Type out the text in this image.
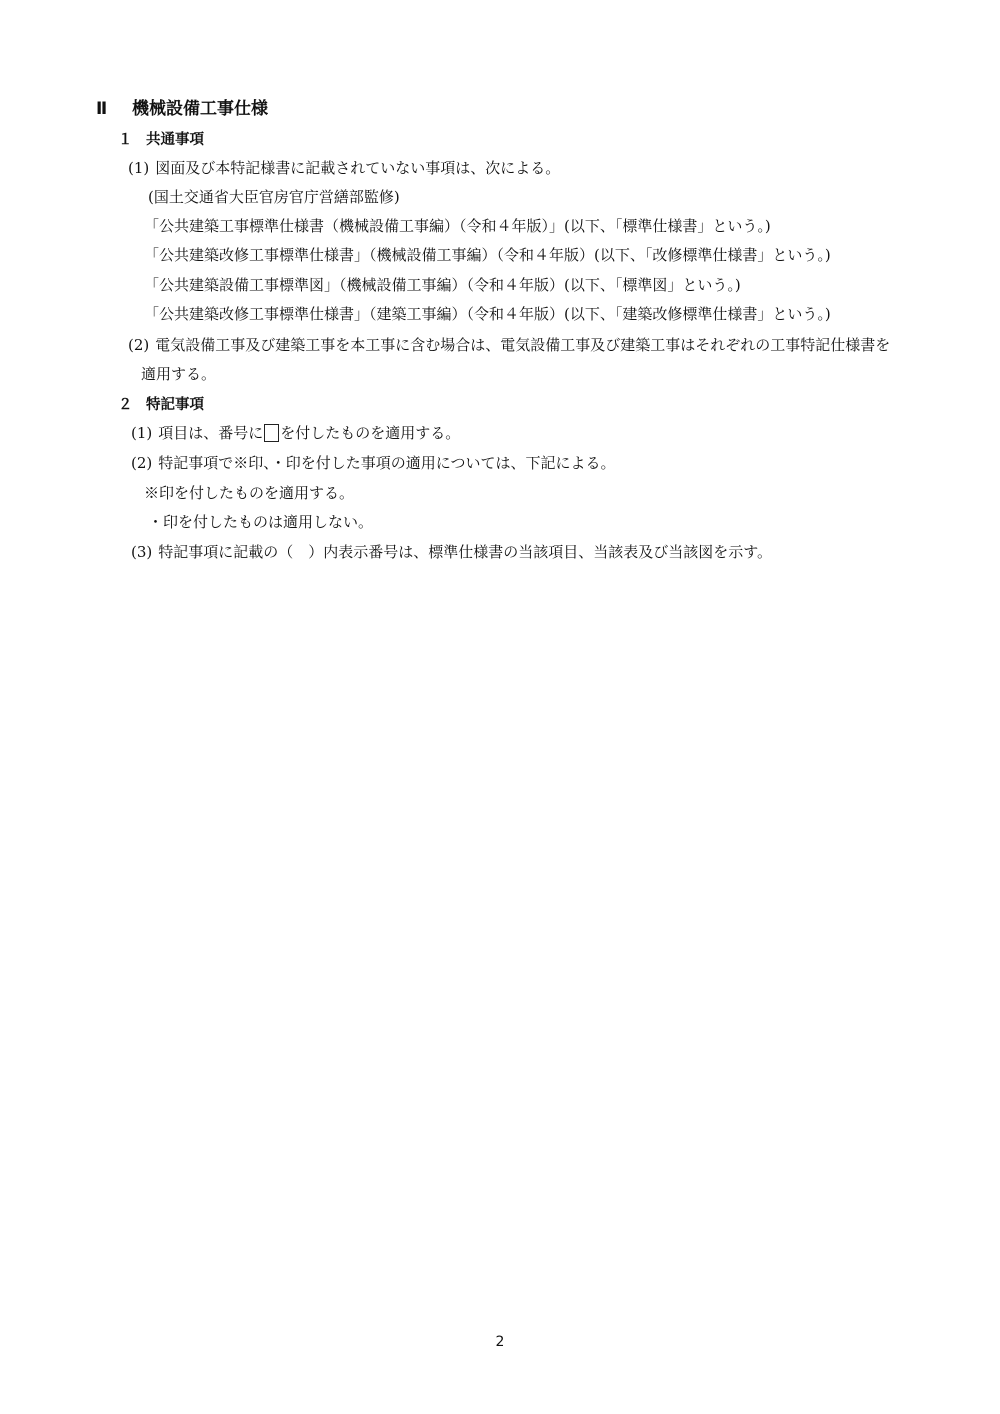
Ⅱ 機械設備工事仕様
１ 共通事項
(1) 図面及び本特記様書に記載されていない事項は、次による。
(国土交通省大臣官房官庁営繕部監修)
「公共建築工事標準仕様書（機械設備工事編）（令和４年版）」(以下、「標準仕様書」という。)
「公共建築改修工事標準仕様書」（機械設備工事編）（令和４年版）(以下、「改修標準仕様書」という。)
「公共建築設備工事標準図」（機械設備工事編）（令和４年版）(以下、「標準図」という。)
「公共建築改修工事標準仕様書」（建築工事編）（令和４年版）(以下、「建築改修標準仕様書」という。)
(2) 電気設備工事及び建築工事を本工事に含む場合は、電気設備工事及び建築工事はそれぞれの工事特記仕様書を
適用する。
２ 特記事項
(1) 項目は、番号に を付したものを適用する。
(2) 特記事項で※印、・印を付した事項の適用については、下記による。
※印を付したものを適用する。
・印を付したものは適用しない。
(3) 特記事項に記載の（　）内表示番号は、標準仕様書の当該項目、当該表及び当該図を示す。
2
